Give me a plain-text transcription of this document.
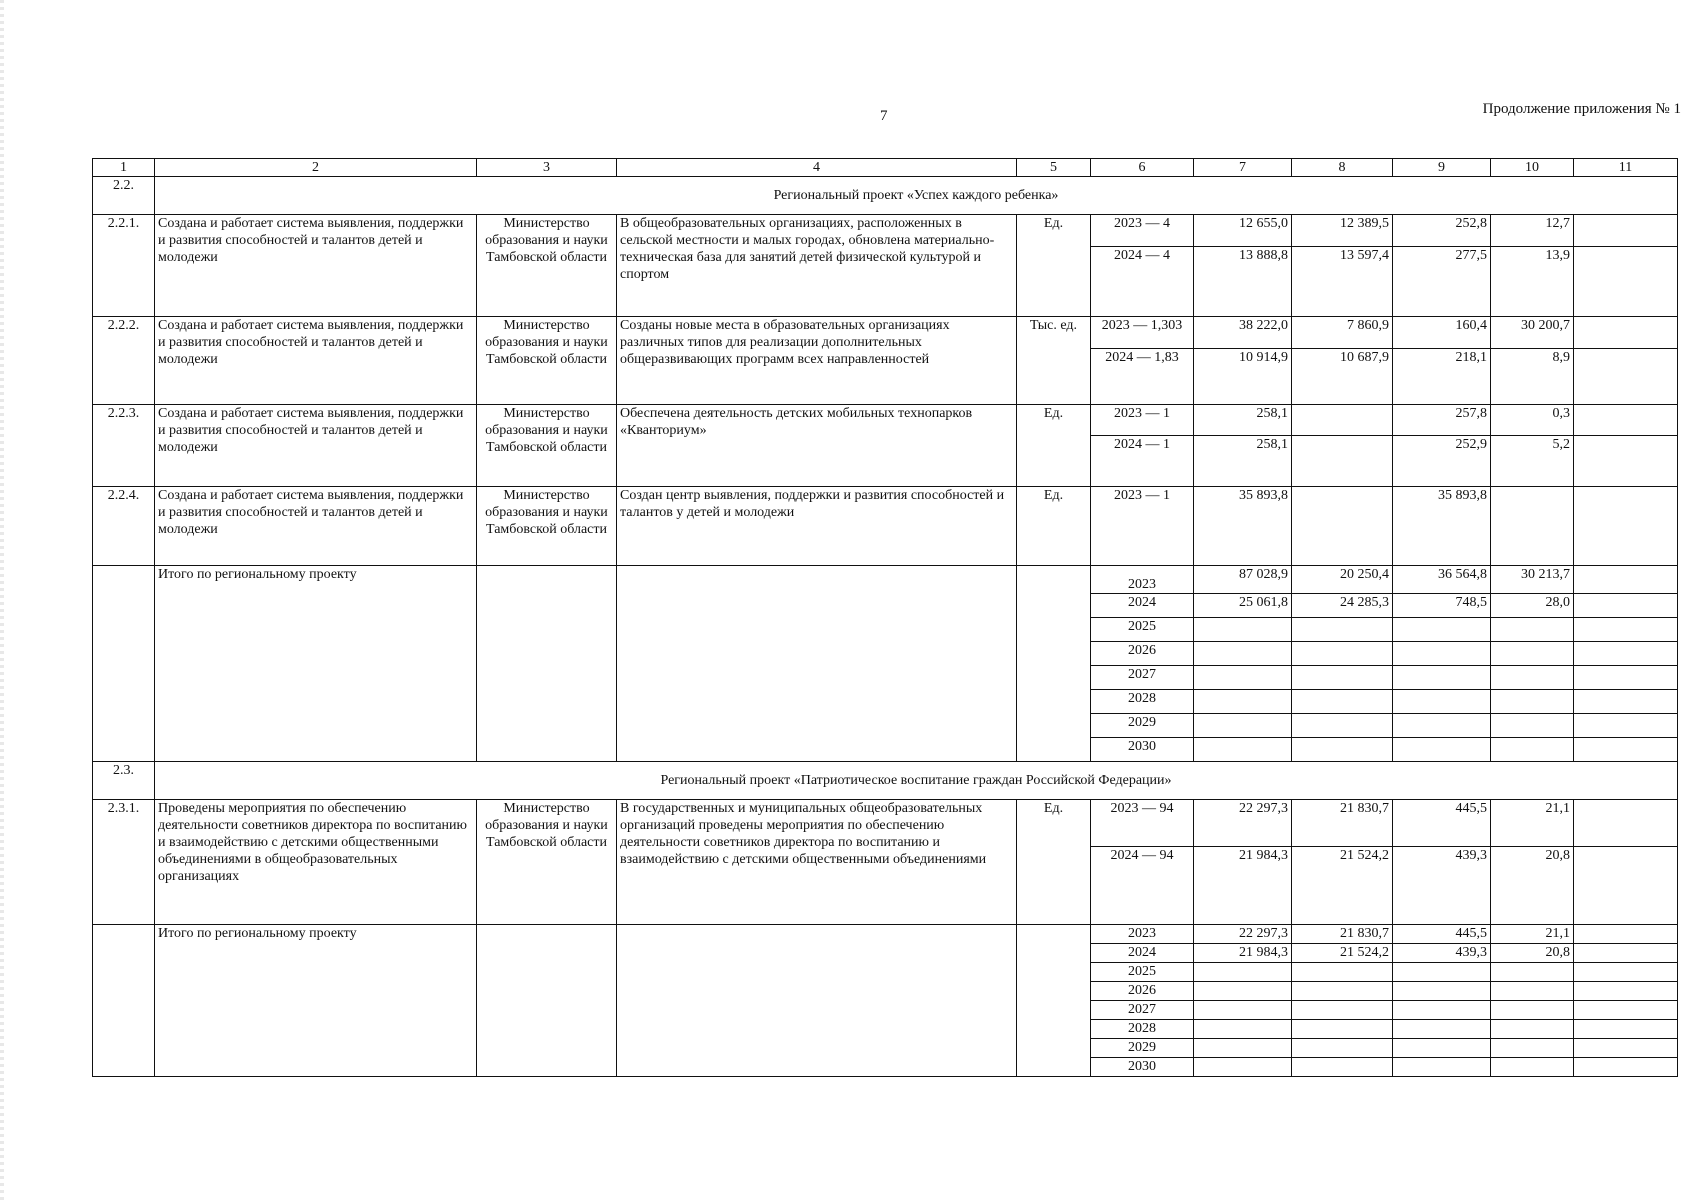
7	Продолжение приложения № 1
1	2	3	4	5	6	7	8	9	10	11
2.2.	Региональный проект «Успех каждого ребенка»									
2.2.1.	Создана и работает система выявления, поддержки и развития способностей и талантов детей и молодежи	Министерство образования и науки Тамбовской области	В общеобразовательных организациях, расположенных в сельской местности и малых городах, обновлена материально-техническая база для занятий детей физической культурой и спортом	Ед.	2023 — 4	12 655,0	12 389,5	252,8	12,7	
					2024 — 4	13 888,8	13 597,4	277,5	13,9	
2.2.2.	Создана и работает система выявления, поддержки и развития способностей и талантов детей и молодежи	Министерство образования и науки Тамбовской области	Созданы новые места в образовательных организациях различных типов для реализации дополнительных общеразвивающих программ всех направленностей	Тыс. ед.	2023 — 1,303	38 222,0	7 860,9	160,4	30 200,7	
					2024 — 1,83	10 914,9	10 687,9	218,1	8,9	
2.2.3.	Создана и работает система выявления, поддержки и развития способностей и талантов детей и молодежи	Министерство образования и науки Тамбовской области	Обеспечена деятельность детских мобильных технопарков «Кванториум»	Ед.	2023 — 1	258,1		257,8	0,3	
					2024 — 1	258,1		252,9	5,2	
2.2.4.	Создана и работает система выявления, поддержки и развития способностей и талантов детей и молодежи	Министерство образования и науки Тамбовской области	Создан центр выявления, поддержки и развития способностей и талантов у детей и молодежи	Ед.	2023 — 1	35 893,8		35 893,8		
	Итого по региональному проекту				2023	87 028,9	20 250,4	36 564,8	30 213,7	
					2024	25 061,8	24 285,3	748,5	28,0	
					2025					
					2026					
					2027					
					2028					
					2029					
					2030					
2.3.	Региональный проект «Патриотическое воспитание граждан Российской Федерации»									
2.3.1.	Проведены мероприятия по обеспечению деятельности советников директора по воспитанию и взаимодействию с детскими общественными объединениями в общеобразовательных организациях	Министерство образования и науки Тамбовской области	В государственных и муниципальных общеобразовательных организаций проведены мероприятия по обеспечению деятельности советников директора по воспитанию и взаимодействию с детскими общественными объединениями	Ед.	2023 — 94	22 297,3	21 830,7	445,5	21,1	
					2024 — 94	21 984,3	21 524,2	439,3	20,8	
	Итого по региональному проекту				2023	22 297,3	21 830,7	445,5	21,1	
					2024	21 984,3	21 524,2	439,3	20,8	
					2025					
					2026					
					2027					
					2028					
					2029					
					2030					
